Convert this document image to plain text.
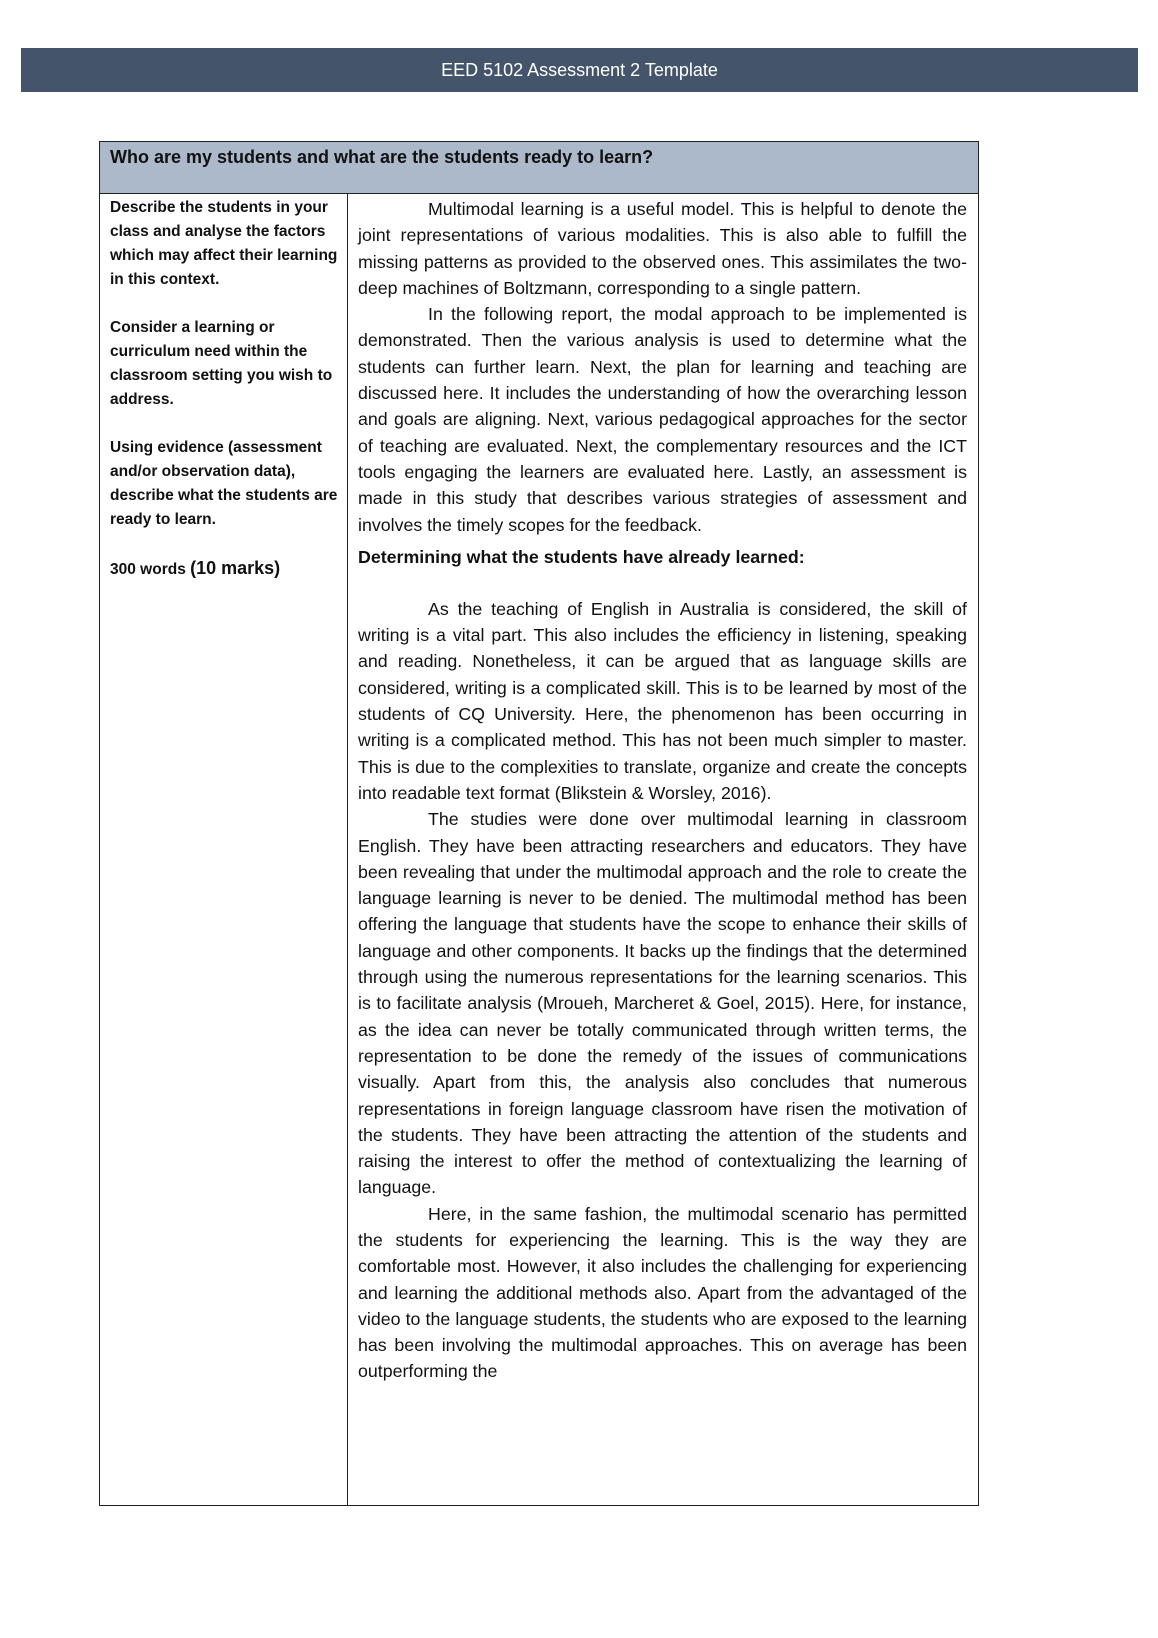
EED 5102 Assessment 2 Template
Who are my students and what are the students ready to learn?

Describe the students in your class and analyse the factors which may affect their learning in this context.

Consider a learning or curriculum need within the classroom setting you wish to address.

Using evidence (assessment and/or observation data), describe what the students are ready to learn.

300 words (10 marks)

Multimodal learning is a useful model. This is helpful to denote the joint representations of various modalities. This is also able to fulfill the missing patterns as provided to the observed ones. This assimilates the two-deep machines of Boltzmann, corresponding to a single pattern.

In the following report, the modal approach to be implemented is demonstrated. Then the various analysis is used to determine what the students can further learn. Next, the plan for learning and teaching are discussed here. It includes the understanding of how the overarching lesson and goals are aligning. Next, various pedagogical approaches for the sector of teaching are evaluated. Next, the complementary resources and the ICT tools engaging the learners are evaluated here. Lastly, an assessment is made in this study that describes various strategies of assessment and involves the timely scopes for the feedback.

Determining what the students have already learned:

As the teaching of English in Australia is considered, the skill of writing is a vital part. This also includes the efficiency in listening, speaking and reading. Nonetheless, it can be argued that as language skills are considered, writing is a complicated skill. This is to be learned by most of the students of CQ University. Here, the phenomenon has been occurring in writing is a complicated method. This has not been much simpler to master. This is due to the complexities to translate, organize and create the concepts into readable text format (Blikstein & Worsley, 2016).

The studies were done over multimodal learning in classroom English. They have been attracting researchers and educators. They have been revealing that under the multimodal approach and the role to create the language learning is never to be denied. The multimodal method has been offering the language that students have the scope to enhance their skills of language and other components. It backs up the findings that the determined through using the numerous representations for the learning scenarios. This is to facilitate analysis (Mroueh, Marcheret & Goel, 2015). Here, for instance, as the idea can never be totally communicated through written terms, the representation to be done the remedy of the issues of communications visually. Apart from this, the analysis also concludes that numerous representations in foreign language classroom have risen the motivation of the students. They have been attracting the attention of the students and raising the interest to offer the method of contextualizing the learning of language.

Here, in the same fashion, the multimodal scenario has permitted the students for experiencing the learning. This is the way they are comfortable most. However, it also includes the challenging for experiencing and learning the additional methods also. Apart from the advantaged of the video to the language students, the students who are exposed to the learning has been involving the multimodal approaches. This on average has been outperforming the
